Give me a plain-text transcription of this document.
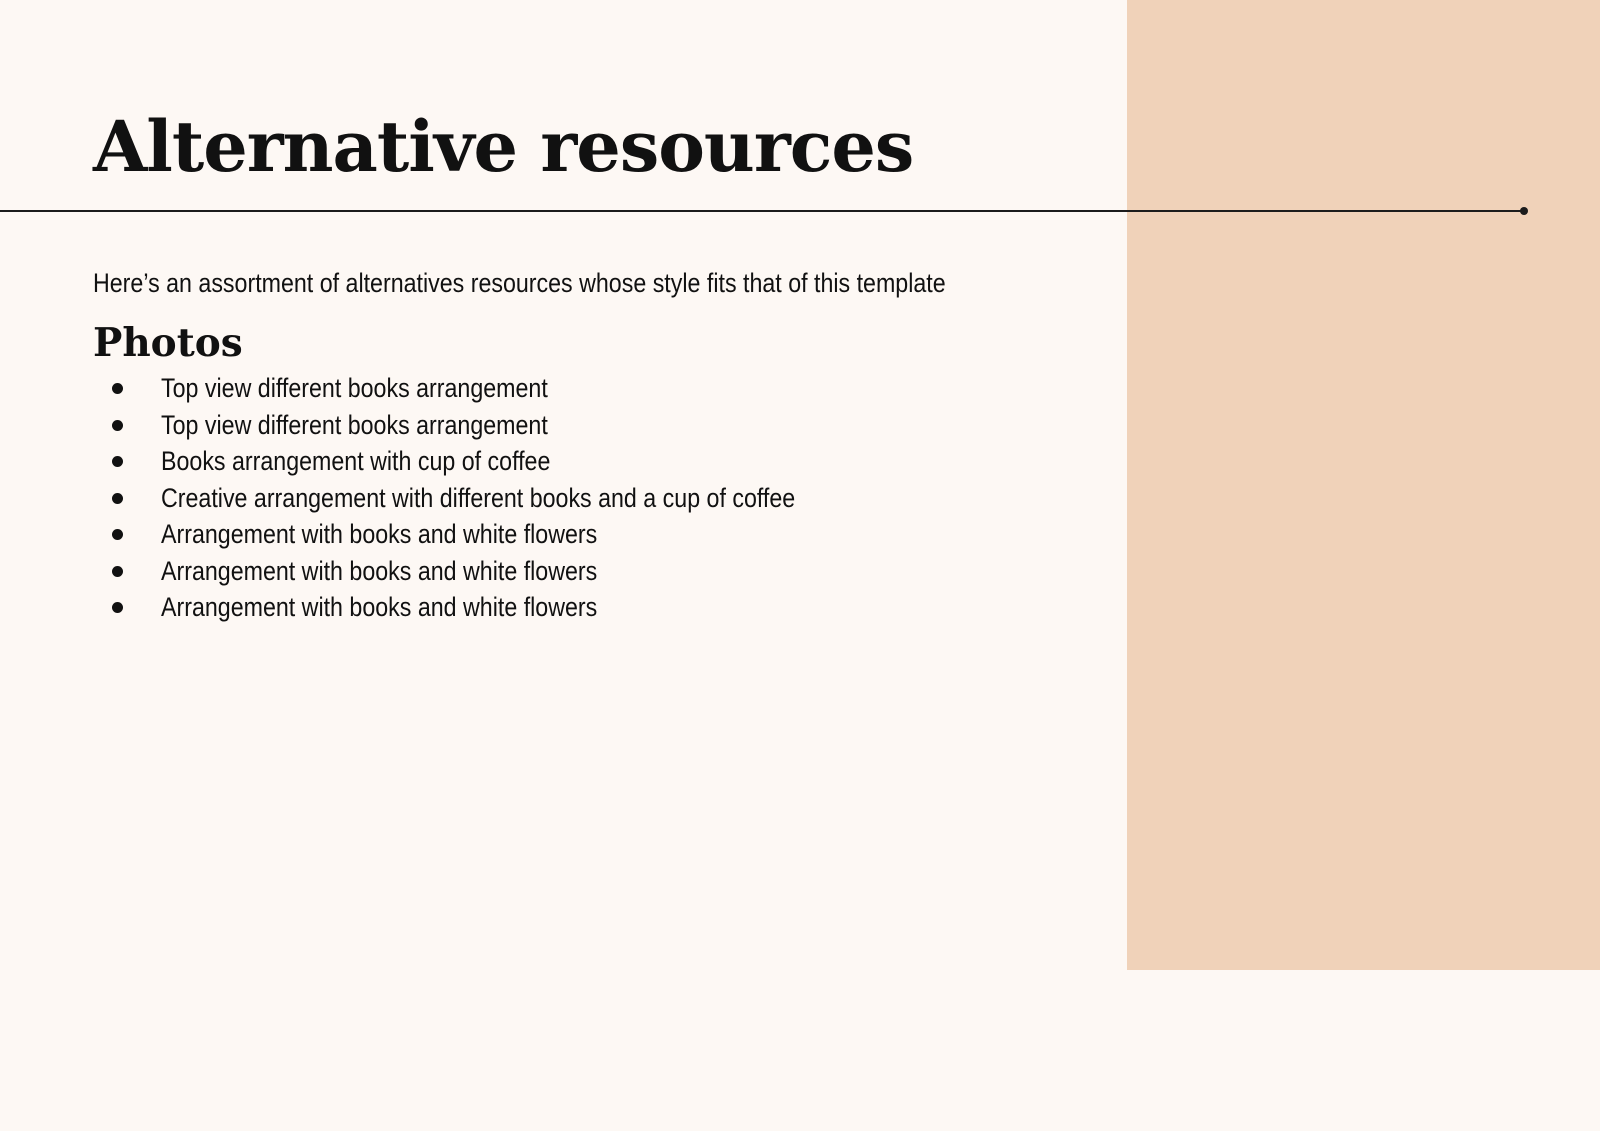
Alternative resources

Here’s an assortment of alternatives resources whose style fits that of this template

Photos
Top view different books arrangement
Top view different books arrangement
Books arrangement with cup of coffee
Creative arrangement with different books and a cup of coffee
Arrangement with books and white flowers
Arrangement with books and white flowers
Arrangement with books and white flowers
